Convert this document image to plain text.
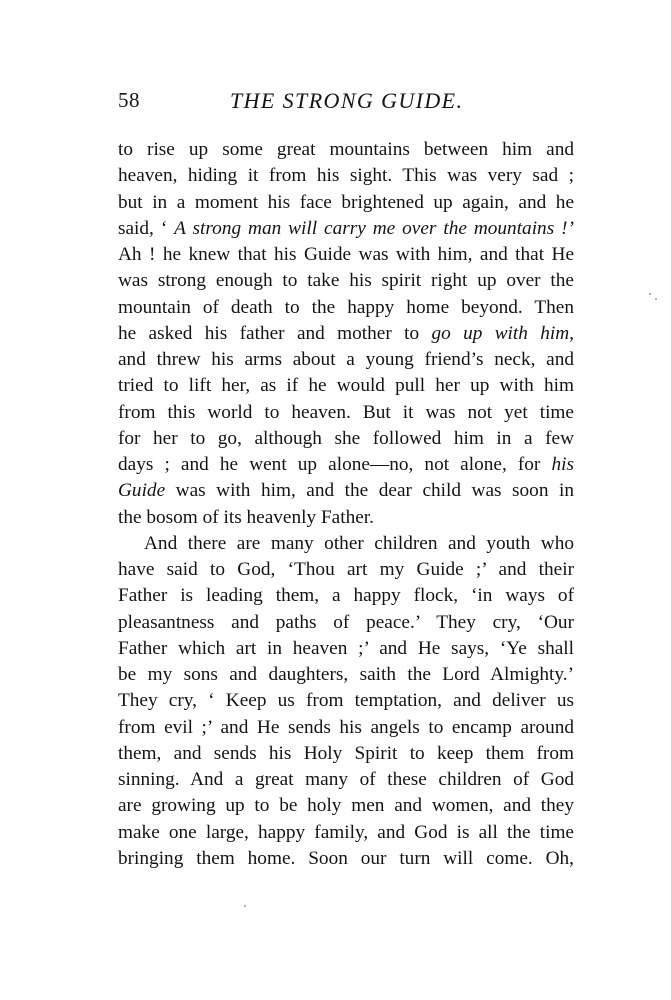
58	THE STRONG GUIDE.
to rise up some great mountains between him and
heaven, hiding it from his sight. This was very sad ;
but in a moment his face brightened up again, and he
said, ‘ A strong man will carry me over the mountains !’
Ah ! he knew that his Guide was with him, and that He
was strong enough to take his spirit right up over the
mountain of death to the happy home beyond. Then
he asked his father and mother to go up with him,
and threw his arms about a young friend’s neck, and
tried to lift her, as if he would pull her up with him
from this world to heaven. But it was not yet time
for her to go, although she followed him in a few
days ; and he went up alone—no, not alone, for his
Guide was with him, and the dear child was soon in
the bosom of its heavenly Father.
And there are many other children and youth who
have said to God, ‘Thou art my Guide ;’ and their
Father is leading them, a happy flock, ‘in ways of
pleasantness and paths of peace.’ They cry, ‘Our
Father which art in heaven ;’ and He says, ‘Ye shall
be my sons and daughters, saith the Lord Almighty.’
They cry, ‘ Keep us from temptation, and deliver us
from evil ;’ and He sends his angels to encamp around
them, and sends his Holy Spirit to keep them from
sinning. And a great many of these children of God
are growing up to be holy men and women, and they
make one large, happy family, and God is all the time
bringing them home. Soon our turn will come. Oh,
